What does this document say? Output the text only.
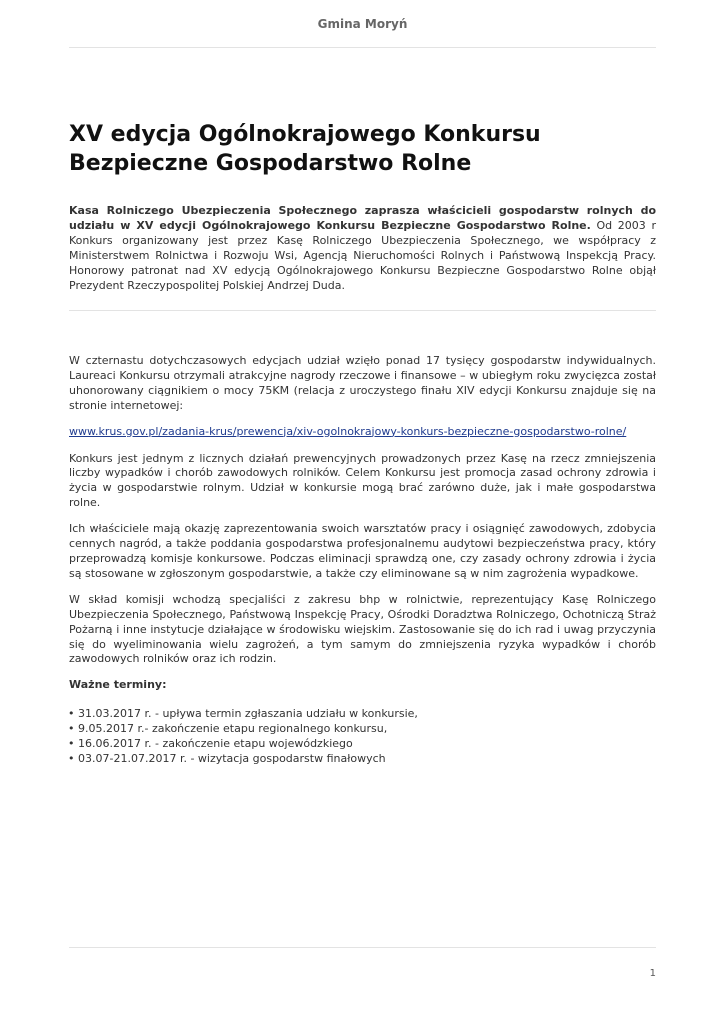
Gmina Moryń
XV edycja Ogólnokrajowego Konkursu Bezpieczne Gospodarstwo Rolne

Kasa Rolniczego Ubezpieczenia Społecznego zaprasza właścicieli gospodarstw rolnych do udziału w XV edycji Ogólnokrajowego Konkursu Bezpieczne Gospodarstwo Rolne. Od 2003 r Konkurs organizowany jest przez Kasę Rolniczego Ubezpieczenia Społecznego, we współpracy z Ministerstwem Rolnictwa i Rozwoju Wsi, Agencją Nieruchomości Rolnych i Państwową Inspekcją Pracy. Honorowy patronat nad XV edycją Ogólnokrajowego Konkursu Bezpieczne Gospodarstwo Rolne objął Prezydent Rzeczypospolitej Polskiej Andrzej Duda.

W czternastu dotychczasowych edycjach udział wzięło ponad 17 tysięcy gospodarstw indywidualnych. Laureaci Konkursu otrzymali atrakcyjne nagrody rzeczowe i finansowe – w ubiegłym roku zwycięzca został uhonorowany ciągnikiem o mocy 75KM (relacja z uroczystego finału XIV edycji Konkursu znajduje się na stronie internetowej:

www.krus.gov.pl/zadania-krus/prewencja/xiv-ogolnokrajowy-konkurs-bezpieczne-gospodarstwo-rolne/

Konkurs jest jednym z licznych działań prewencyjnych prowadzonych przez Kasę na rzecz zmniejszenia liczby wypadków i chorób zawodowych rolników. Celem Konkursu jest promocja zasad ochrony zdrowia i życia w gospodarstwie rolnym. Udział w konkursie mogą brać zarówno duże, jak i małe gospodarstwa rolne.

Ich właściciele mają okazję zaprezentowania swoich warsztatów pracy i osiągnięć zawodowych, zdobycia cennych nagród, a także poddania gospodarstwa profesjonalnemu audytowi bezpieczeństwa pracy, który przeprowadzą komisje konkursowe. Podczas eliminacji sprawdzą one, czy zasady ochrony zdrowia i życia są stosowane w zgłoszonym gospodarstwie, a także czy eliminowane są w nim zagrożenia wypadkowe.

W skład komisji wchodzą specjaliści z zakresu bhp w rolnictwie, reprezentujący Kasę Rolniczego Ubezpieczenia Społecznego, Państwową Inspekcję Pracy, Ośrodki Doradztwa Rolniczego, Ochotniczą Straż Pożarną i inne instytucje działające w środowisku wiejskim. Zastosowanie się do ich rad i uwag przyczynia się do wyeliminowania wielu zagrożeń, a tym samym do zmniejszenia ryzyka wypadków i chorób zawodowych rolników oraz ich rodzin.

Ważne terminy:

• 31.03.2017 r. - upływa termin zgłaszania udziału w konkursie,
• 9.05.2017 r.- zakończenie etapu regionalnego konkursu,
• 16.06.2017 r. - zakończenie etapu wojewódzkiego
• 03.07-21.07.2017 r. - wizytacja gospodarstw finałowych
1
